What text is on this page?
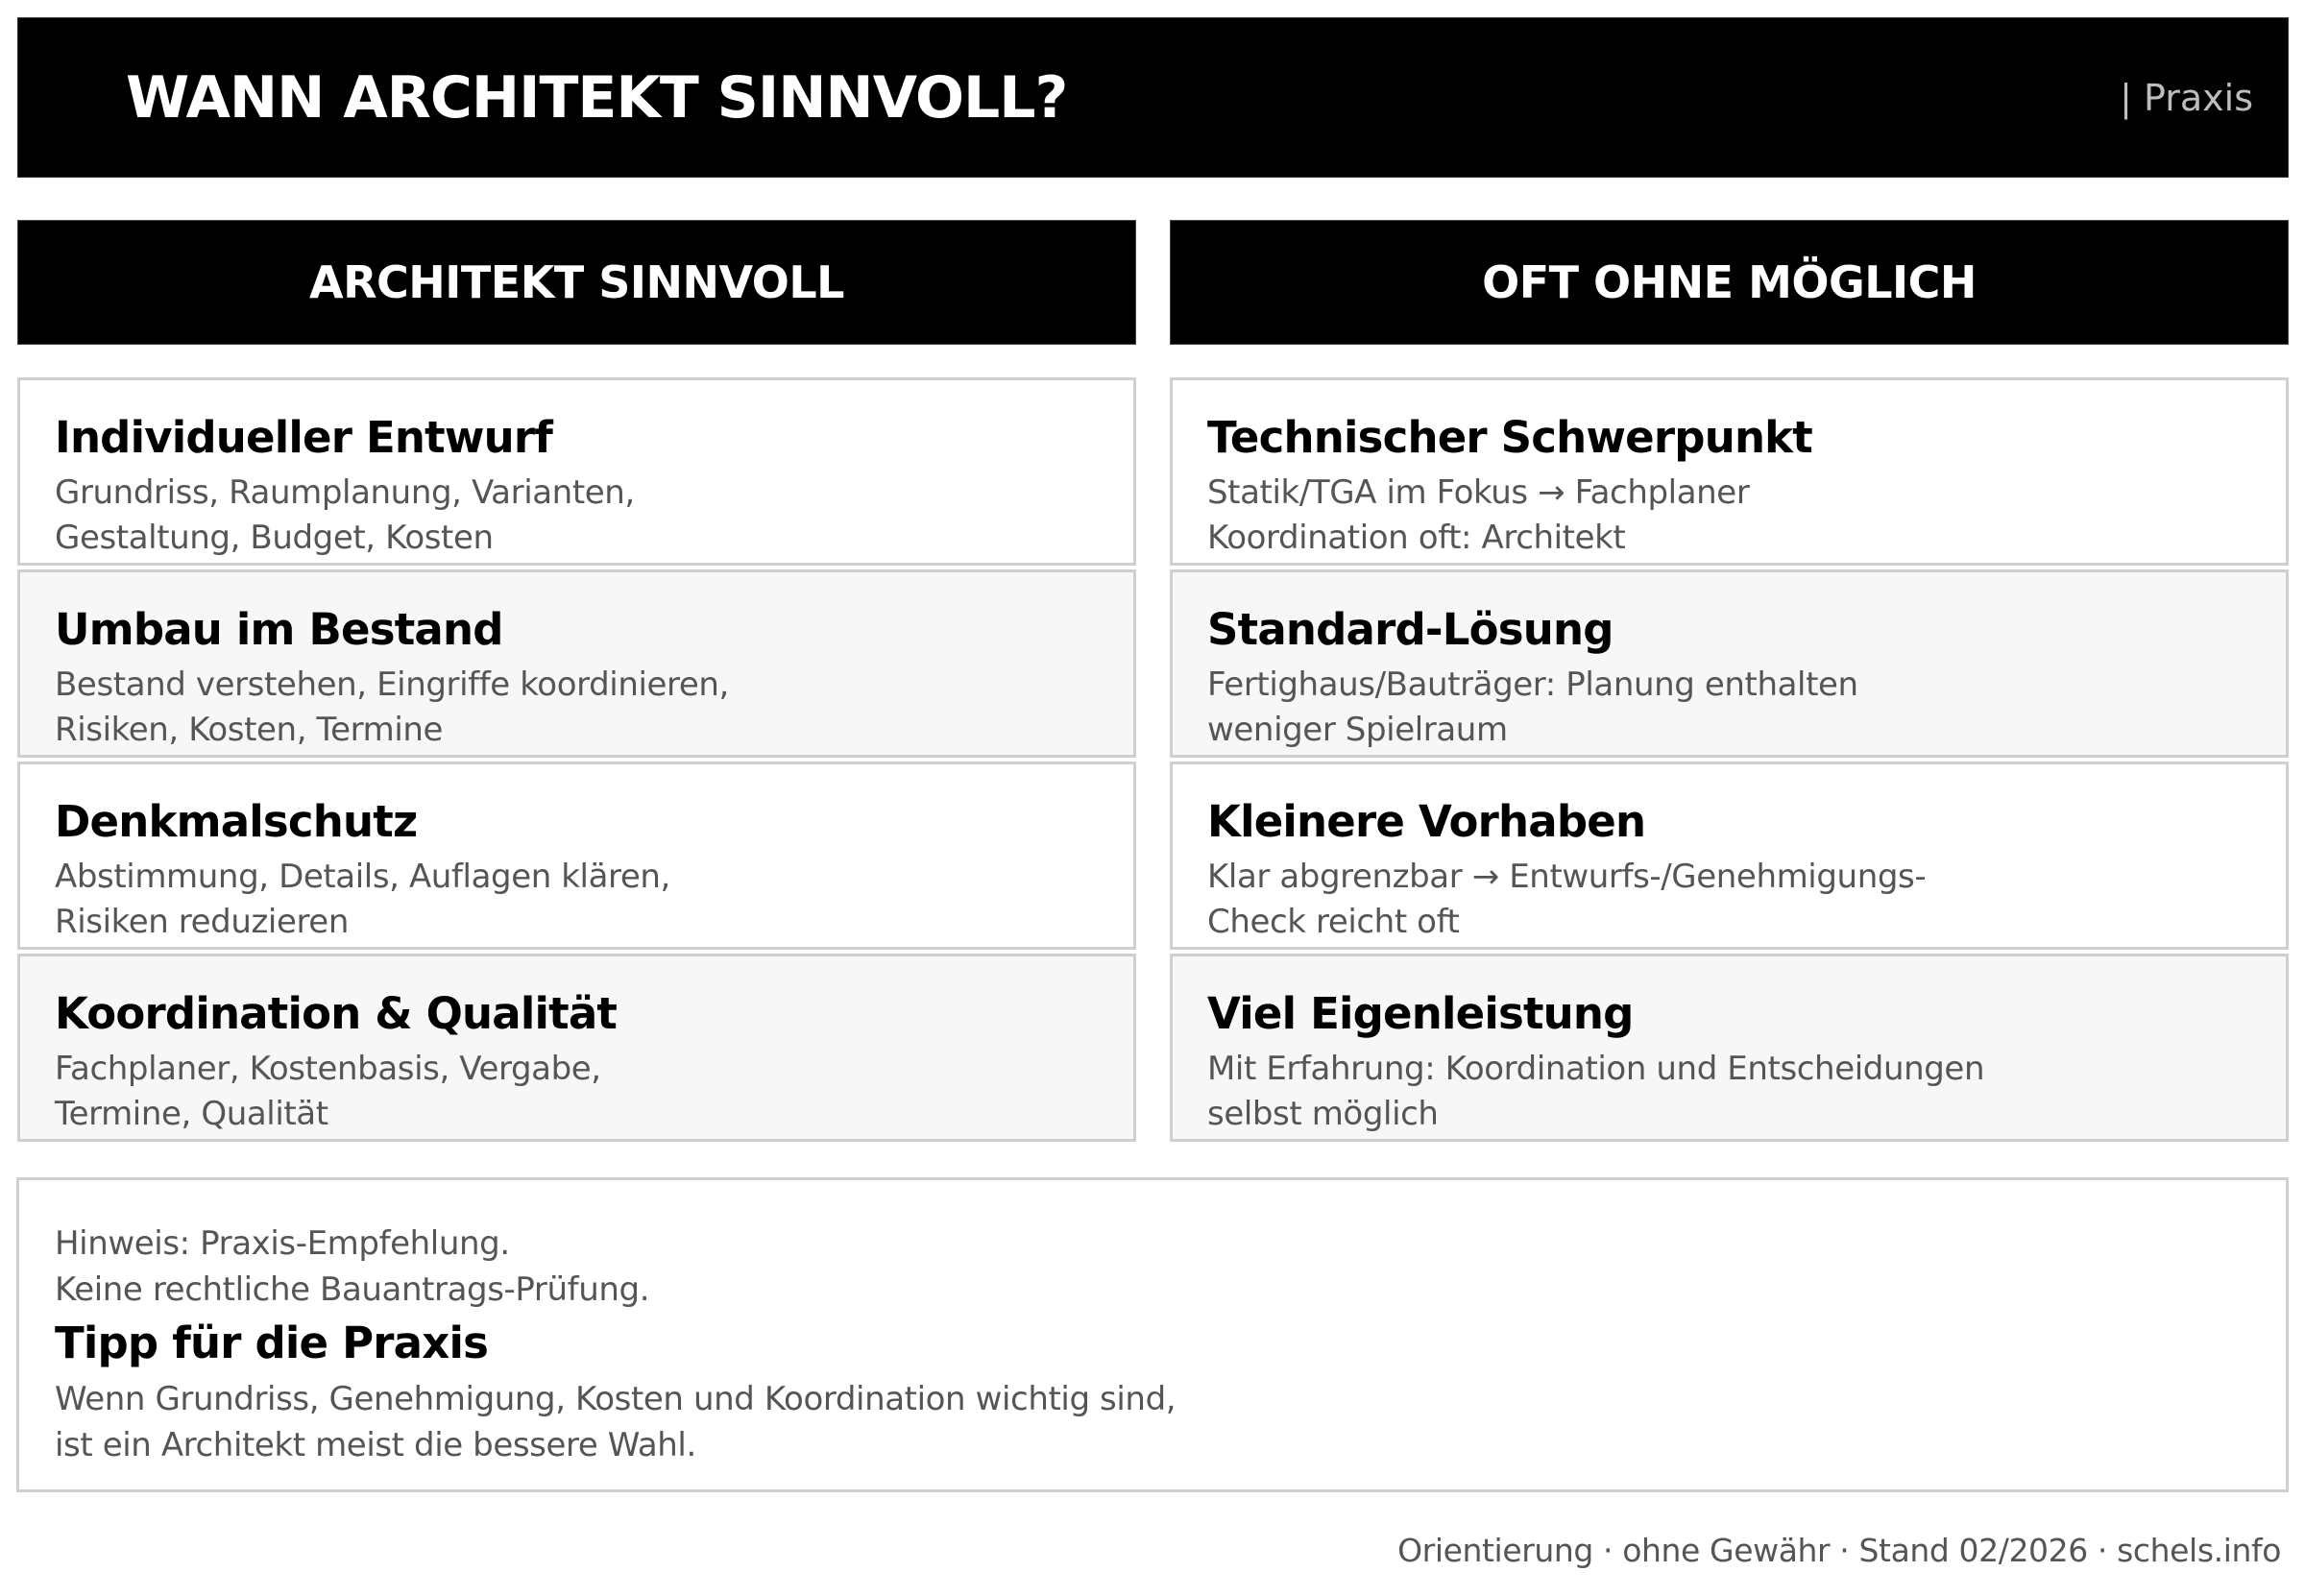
WANN ARCHITEKT SINNVOLL?	| Praxis
ARCHITEKT SINNVOLL
Individueller Entwurf
Grundriss, Raumplanung, Varianten,
Gestaltung, Budget, Kosten
Umbau im Bestand
Bestand verstehen, Eingriffe koordinieren,
Risiken, Kosten, Termine
Denkmalschutz
Abstimmung, Details, Auflagen klären,
Risiken reduzieren
Koordination & Qualität
Fachplaner, Kostenbasis, Vergabe,
Termine, Qualität
OFT OHNE MÖGLICH
Technischer Schwerpunkt
Statik/TGA im Fokus → Fachplaner
Koordination oft: Architekt
Standard-Lösung
Fertighaus/Bauträger: Planung enthalten
weniger Spielraum
Kleinere Vorhaben
Klar abgrenzbar → Entwurfs-/Genehmigungs-
Check reicht oft
Viel Eigenleistung
Mit Erfahrung: Koordination und Entscheidungen
selbst möglich
Hinweis: Praxis-Empfehlung.
Keine rechtliche Bauantrags-Prüfung.
Tipp für die Praxis
Wenn Grundriss, Genehmigung, Kosten und Koordination wichtig sind,
ist ein Architekt meist die bessere Wahl.
Orientierung · ohne Gewähr · Stand 02/2026 · schels.info
